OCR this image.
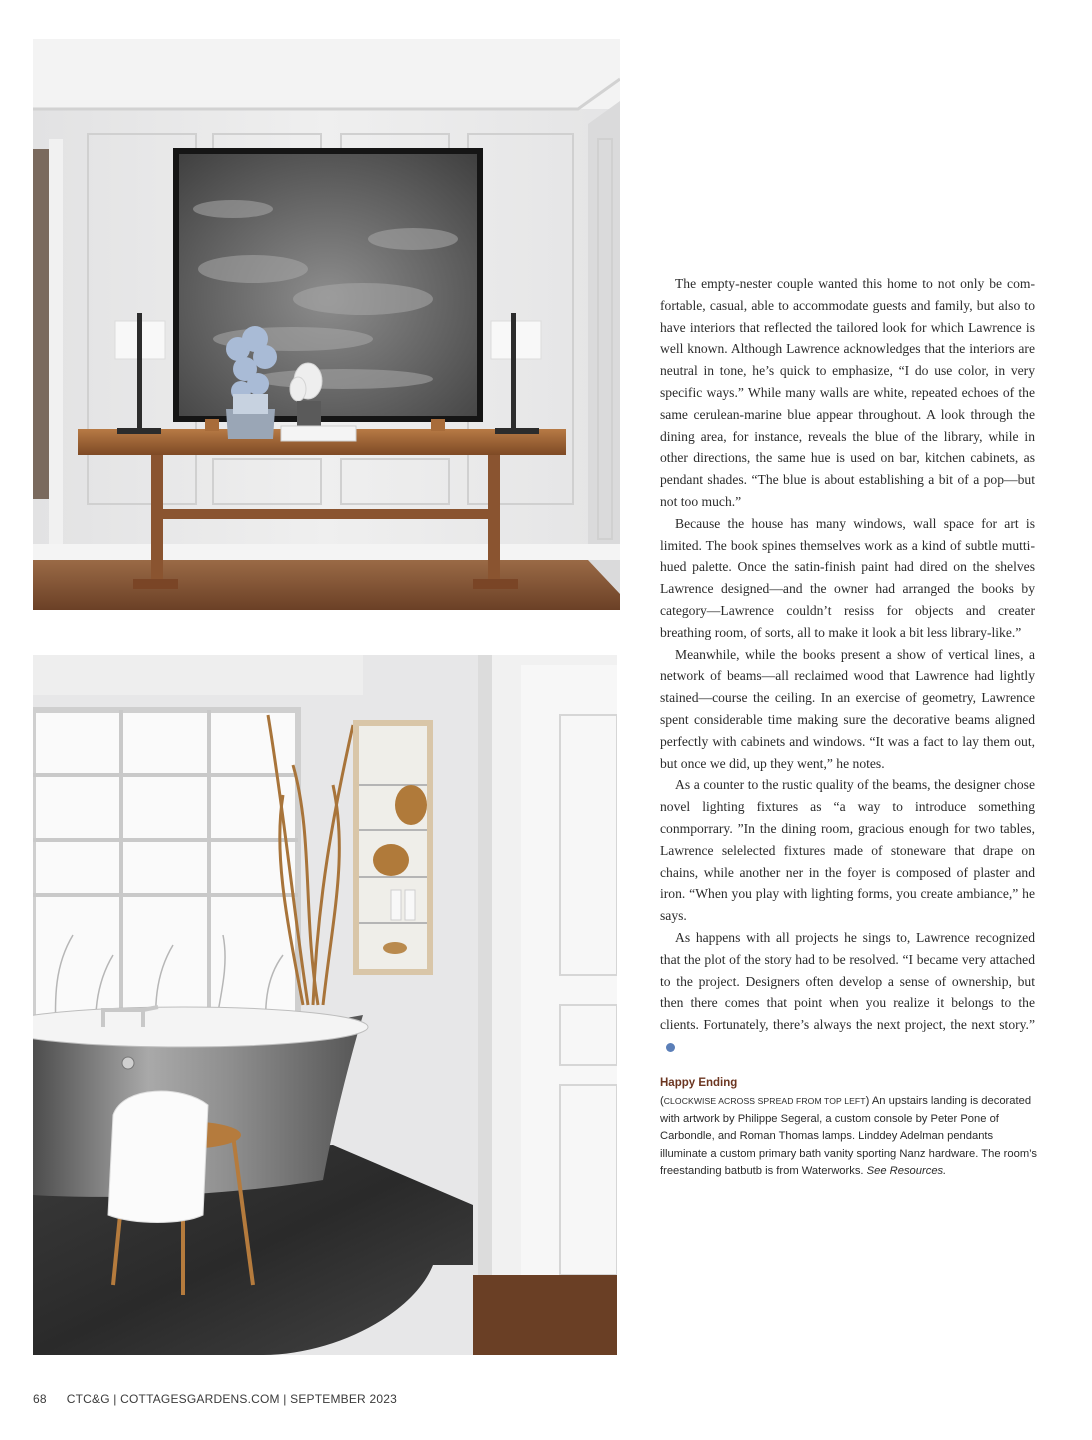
The empty-nester couple wanted this home to not only be comfortable, casual, able to accommodate guests and family, but also to have interiors that reflected the tailored look for which Lawrence is well known. Although Lawrence acknowledges that the interiors are neutral in tone, he’s quick to emphasize, “I do use color, in very specific ways.” While many walls are white, repeated echoes of the same cerulean-marine blue appear throughout. A look through the dining area, for instance, reveals the blue of the library, while in other directions, the same hue is used on bar, kitchen cabinets, as pendant shades. “The blue is about establishing a bit of a pop—but not too much.”

Because the house has many windows, wall space for art is limited. The book spines themselves work as a kind of subtle mutti-hued palette. Once the satin-finish paint had dired on the shelves Lawrence designed—and the owner had arranged the books by category—Lawrence couldn’t resiss for objects and creater breathing room, of sorts, all to make it look a bit less library-like.”

Meanwhile, while the books present a show of vertical lines, a network of beams—all reclaimed wood that Lawrence had lightly stained—course the ceiling. In an exercise of geometry, Lawrence spent considerable time making sure the decorative beams aligned perfectly with cabinets and windows. “It was a fact to lay them out, but once we did, up they went,” he notes.

As a counter to the rustic quality of the beams, the designer chose novel lighting fixtures as “a way to introduce something conmporrary. ”In the dining room, gracious enough for two tables, Lawrence selelected fixtures made of stoneware that drape on chains, while another ner in the foyer is composed of plaster and iron. “When you play with lighting forms, you create ambiance,” he says.

As happens with all projects he sings to, Lawrence recognized that the plot of the story had to be resolved. “I became very attached to the project. Designers often develop a sense of ownership, but then there comes that point when you realize it belongs to the clients. Fortunately, there’s always the next project, the next story.”

Happy Ending

(CLOCKWISE ACROSS SPREAD FROM TOP LEFT) An upstairs landing is decorated with artwork by Philippe Segeral, a custom console by Peter Pone of Carbondle, and Roman Thomas lamps. Linddey Adelman pendants illuminate a custom primary bath vanity sporting Nanz hardware. The room’s freestanding batbutb is from Waterworks. See Resources.

68 CTC&G | COTTAGESGARDENS.COM | SEPTEMBER 2023
